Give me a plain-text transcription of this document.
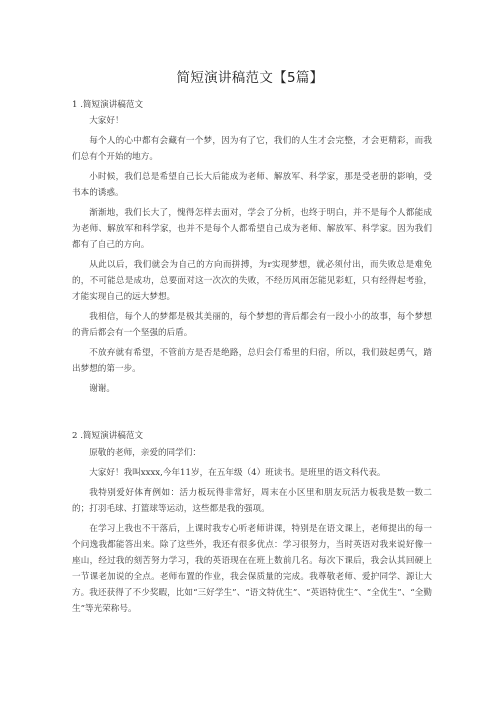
简短演讲稿范文【5篇】
1 .简短演讲稿范文

大家好！

每个人的心中都有会藏有一个梦，因为有了它，我们的人生才会完整，才会更精彩，而我们总有个开始的地方。

小时候，我们总是希望自己长大后能成为老师、解放军、科学家，那是受老册的影响，受书本的诱惑。

渐渐地，我们长大了，愧得怎样去面对，学会了分析，也终于明白，并不是每个人都能成为老师、解放军和科学家，也并不是每个人都希望自己成为老师、解放军、科学家。因为我们都有了自己的方向。

从此以后，我们就会为自己的方向而拼搏，为r实现梦想，就必须付出，而失败总是难免的，不可能总是成功，总要面对这一次次的失败，不经历风雨怎能见彩虹，只有经得起考验，才能实现自己的远大梦想。

我相信，每个人的梦都是极其美丽的，每个梦想的背后都会有一段小小的故事，每个梦想的背后都会有一个坚强的后盾。

不放弃就有希望，不管前方是否是绝路，总归会仃希里的归宿，所以，我们鼓起勇气，踏出梦想的第一步。

谢谢。

2 .简短演讲稿范文

原敬的老师，亲爱的同学们：

大家好！我叫xxxx,今年11岁，在五年级（4）班读书。是班里的语文科代表。

我特别爱好体育例如：活力板玩得非常好，周末在小区里和朋友玩活力板我是数一数二的；打羽毛球、打篮球等运动，这些都是我的强项。

在学习上我也不干落后，上课时我专心听老师讲课，特别是在语文课上，老师提出的每一个问逸我都能答出来。除了这些外，我还有很多优点：学习很努力，当时英语对我来说好像一座山，经过我的刻苦努力学习，我的英语现在在班上数前几名。每次下课后，我会认其回硬上一节课老加说的全点。老师布置的作业，我会保质量的完成。我尊敬老师、爱护同学、源让大方。我还获得了不少奖暇，比如“三好学生”、“语文特优生”、“英语特优生”、“全优生”、“全勤生”等光荣称号。
